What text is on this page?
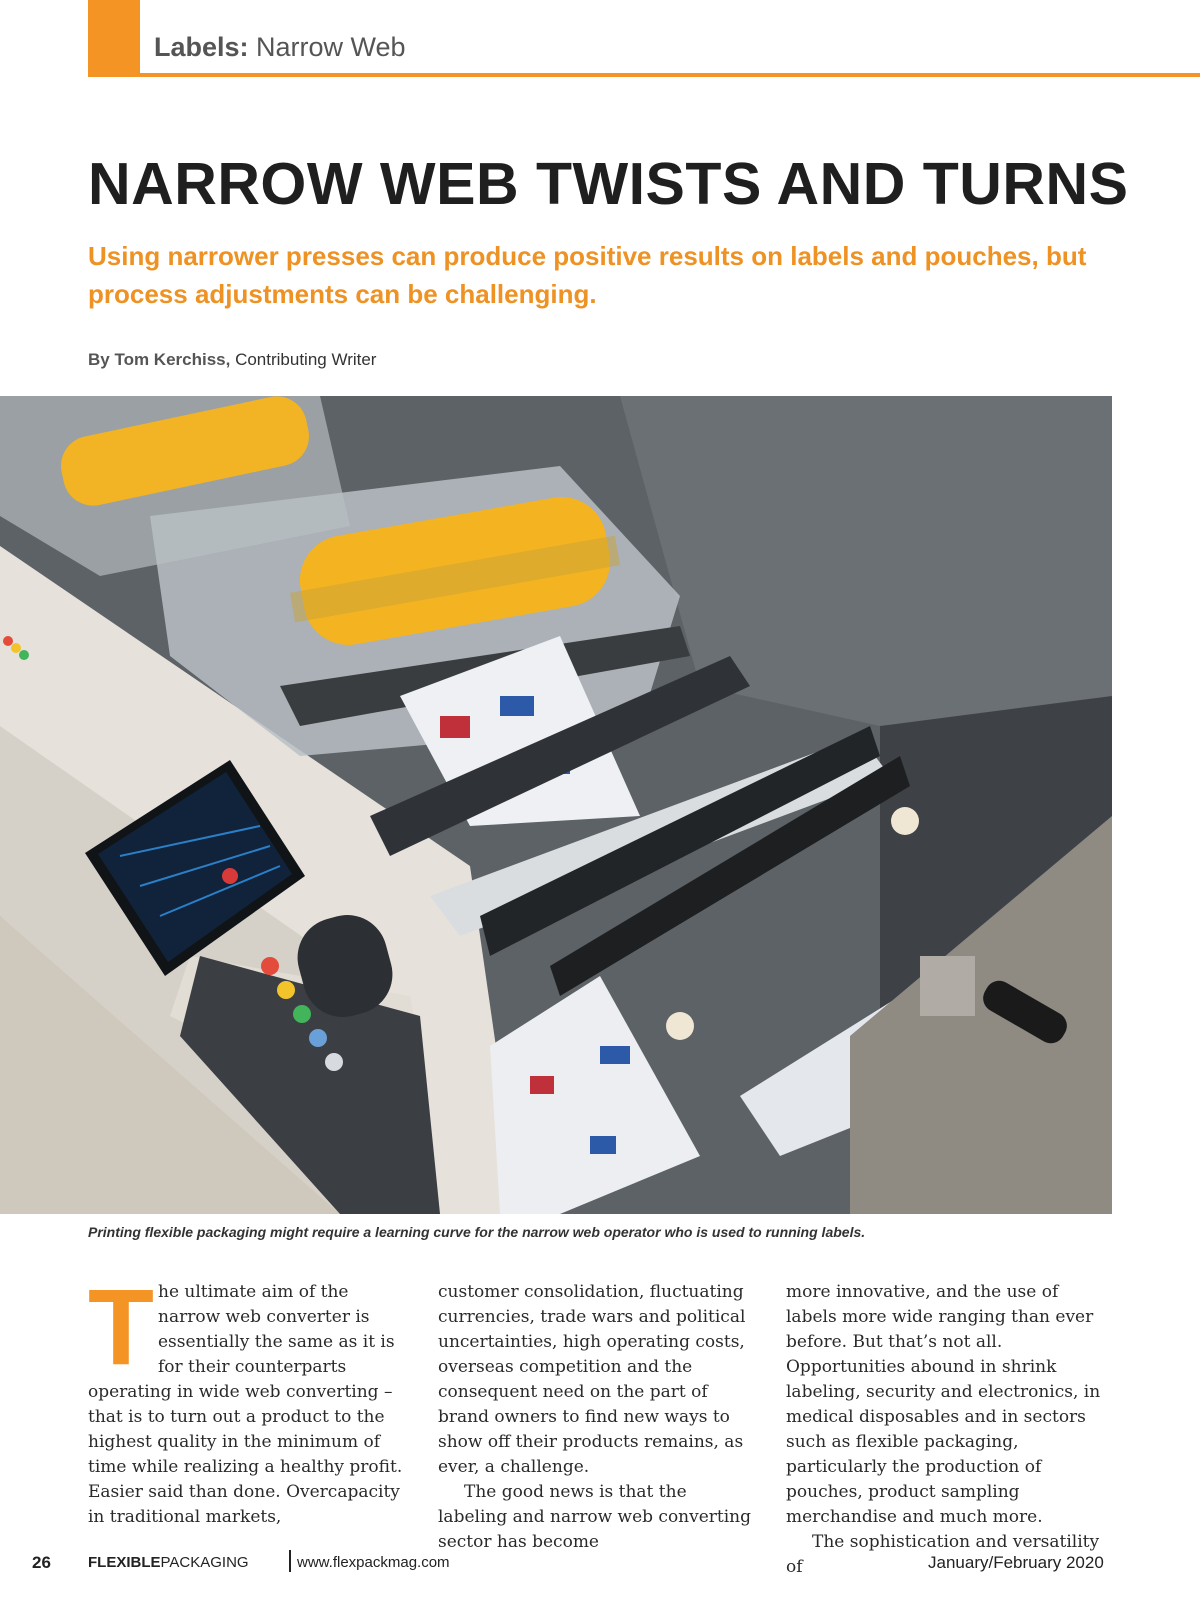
Labels: Narrow Web
NARROW WEB TWISTS AND TURNS

Using narrower presses can produce positive results on labels and pouches, but process adjustments can be challenging.

By Tom Kerchiss, Contributing Writer
Printing flexible packaging might require a learning curve for the narrow web operator who is used to running labels.
T he ultimate aim of the narrow web converter is essentially the same as it is for their counterparts operating in wide web converting – that is to turn out a product to the highest quality in the minimum of time while realizing a healthy profit. Easier said than done. Overcapacity in traditional markets,

customer consolidation, fluctuating currencies, trade wars and political uncertainties, high operating costs, overseas competition and the consequent need on the part of brand owners to find new ways to show off their products remains, as ever, a challenge.

The good news is that the labeling and narrow web converting sector has become

more innovative, and the use of labels more wide ranging than ever before. But that’s not all. Opportunities abound in shrink labeling, security and electronics, in medical disposables and in sectors such as flexible packaging, particularly the production of pouches, product sampling merchandise and much more.

The sophistication and versatility of

26 FLEXIBLEPACKAGING	www.flexpackmag.com	January/February 2020
